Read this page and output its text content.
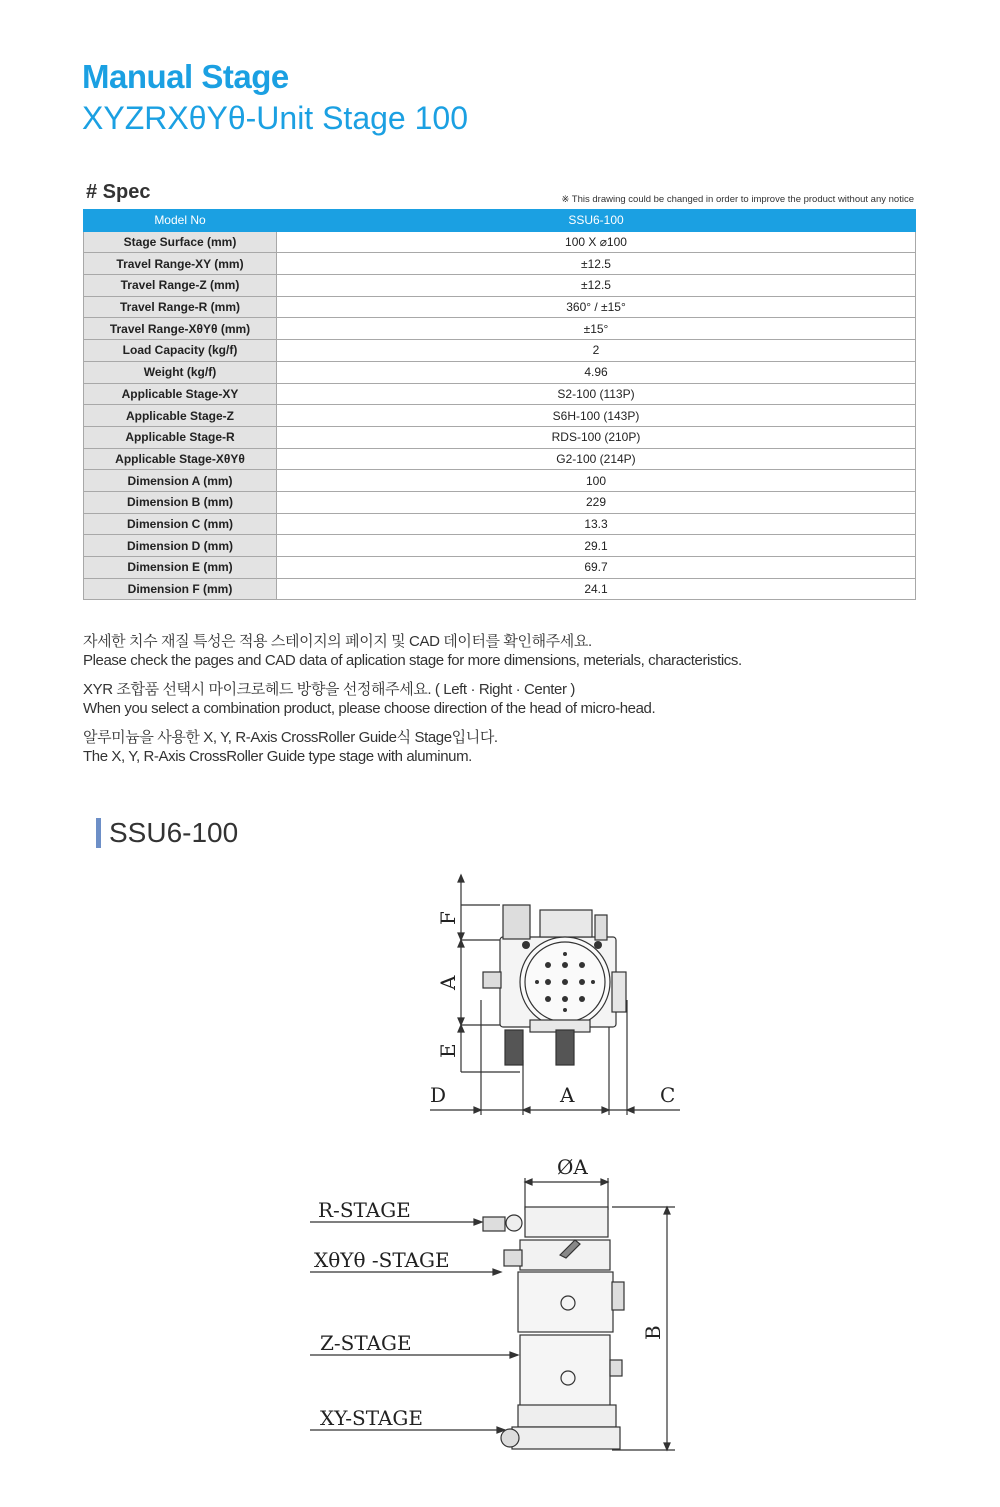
Manual Stage
XYZRXθYθ-Unit Stage 100
# Spec	※ This drawing could be changed in order to improve the product without any notice
Model No	SSU6-100
Stage Surface (mm)	100 X ⌀100
Travel Range-XY (mm)	±12.5
Travel Range-Z (mm)	±12.5
Travel Range-R (mm)	360° / ±15°
Travel Range-XθYθ (mm)	±15°
Load Capacity (kg/f)	2
Weight (kg/f)	4.96
Applicable Stage-XY	S2-100 (113P)
Applicable Stage-Z	S6H-100 (143P)
Applicable Stage-R	RDS-100 (210P)
Applicable Stage-XθYθ	G2-100 (214P)
Dimension A (mm)	100
Dimension B (mm)	229
Dimension C (mm)	13.3
Dimension D (mm)	29.1
Dimension E (mm)	69.7
Dimension F (mm)	24.1

자세한 치수 재질 특성은 적용 스테이지의 페이지 및 CAD 데이터를 확인해주세요.

Please check the pages and CAD data of aplication stage for more dimensions, meterials, characteristics.

XYR 조합품 선택시 마이크로헤드 방향을 선정해주세요. ( Left · Right · Center )

When you select a combination product, please choose direction of the head of micro-head.

알루미늄을 사용한 X, Y, R-Axis CrossRoller Guide식 Stage입니다.

The X, Y, R-Axis CrossRoller Guide type stage with aluminum.

SSU6-100
F
A
E
D	A	C
ØA
B
R-STAGE
XθYθ -STAGE
Z-STAGE
XY-STAGE
